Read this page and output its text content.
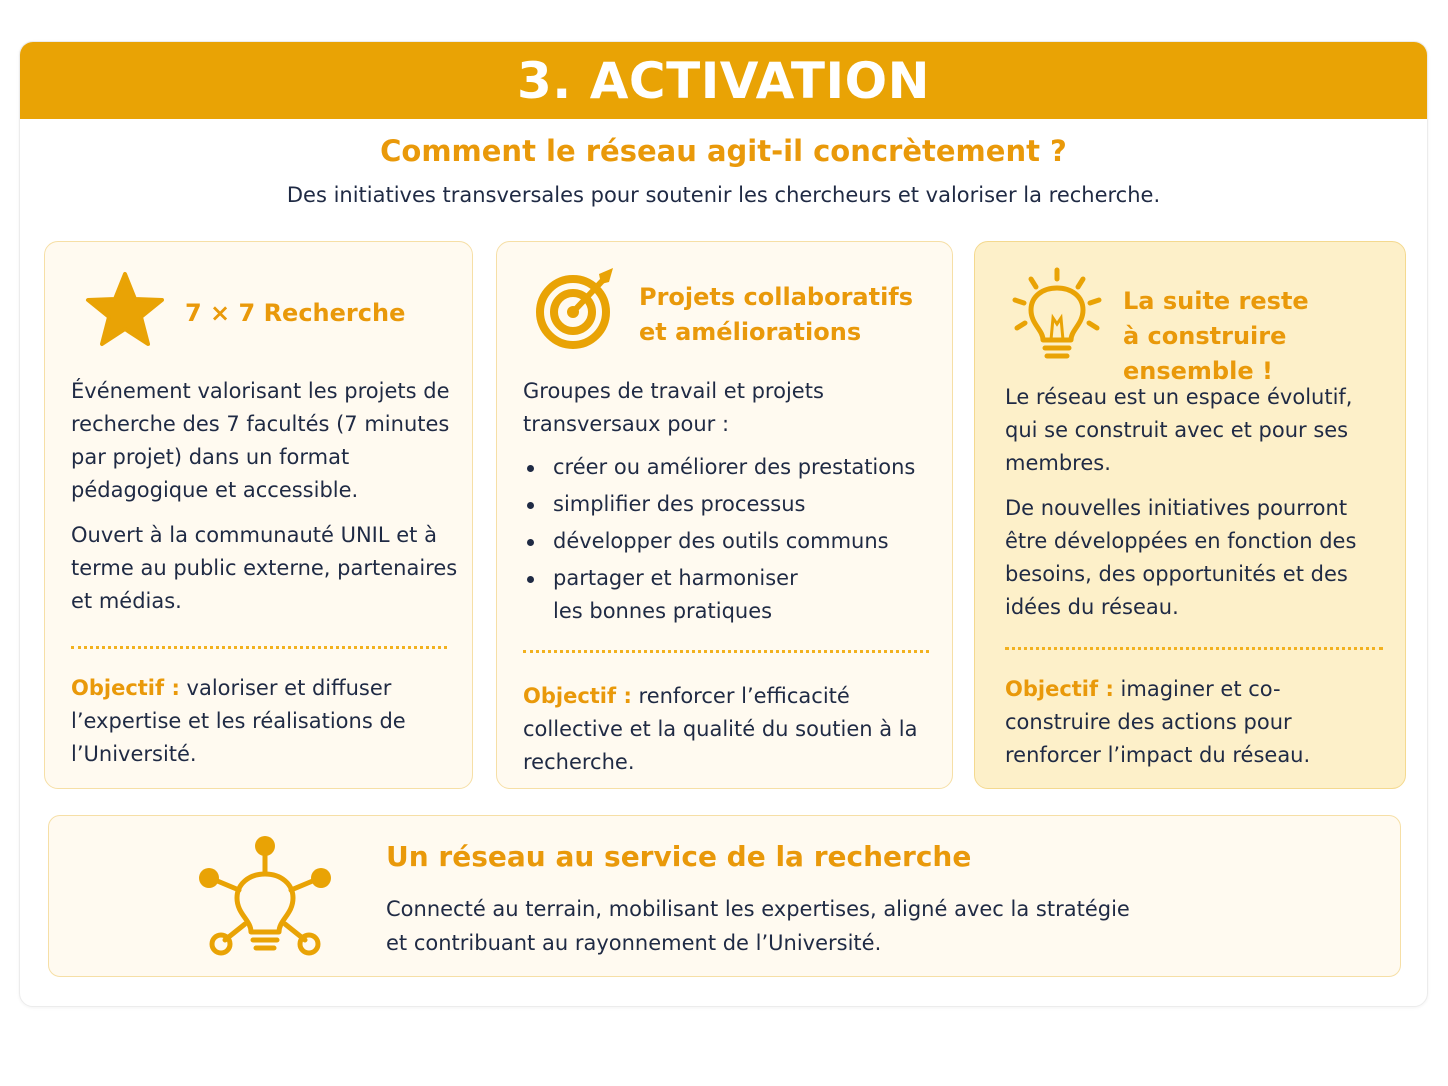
3. ACTIVATION
Comment le réseau agit-il concrètement ?
Des initiatives transversales pour soutenir les chercheurs et valoriser la recherche.
7 × 7 Recherche

Événement valorisant les projets de recherche des 7 facultés (7 minutes par projet) dans un format pédagogique et accessible.

Ouvert à la communauté UNIL et à terme au public externe, partenaires et médias.

Objectif : valoriser et diffuser l’expertise et les réalisations de l’Université.
Projets collaboratifs
et améliorations

Groupes de travail et projets transversaux pour :

créer ou améliorer des prestations
simplifier des processus
développer des outils communs
partager et harmoniser les bonnes pratiques
Objectif : renforcer l’efficacité collective et la qualité du soutien à la recherche.
La suite reste
à construire ensemble !

Le réseau est un espace évolutif, qui se construit avec et pour ses membres.

De nouvelles initiatives pourront être développées en fonction des besoins, des opportunités et des idées du réseau.

Objectif : imaginer et co-construire des actions pour renforcer l’impact du réseau.
Un réseau au service de la recherche
Connecté au terrain, mobilisant les expertises, aligné avec la stratégie et contribuant au rayonnement de l’Université.
